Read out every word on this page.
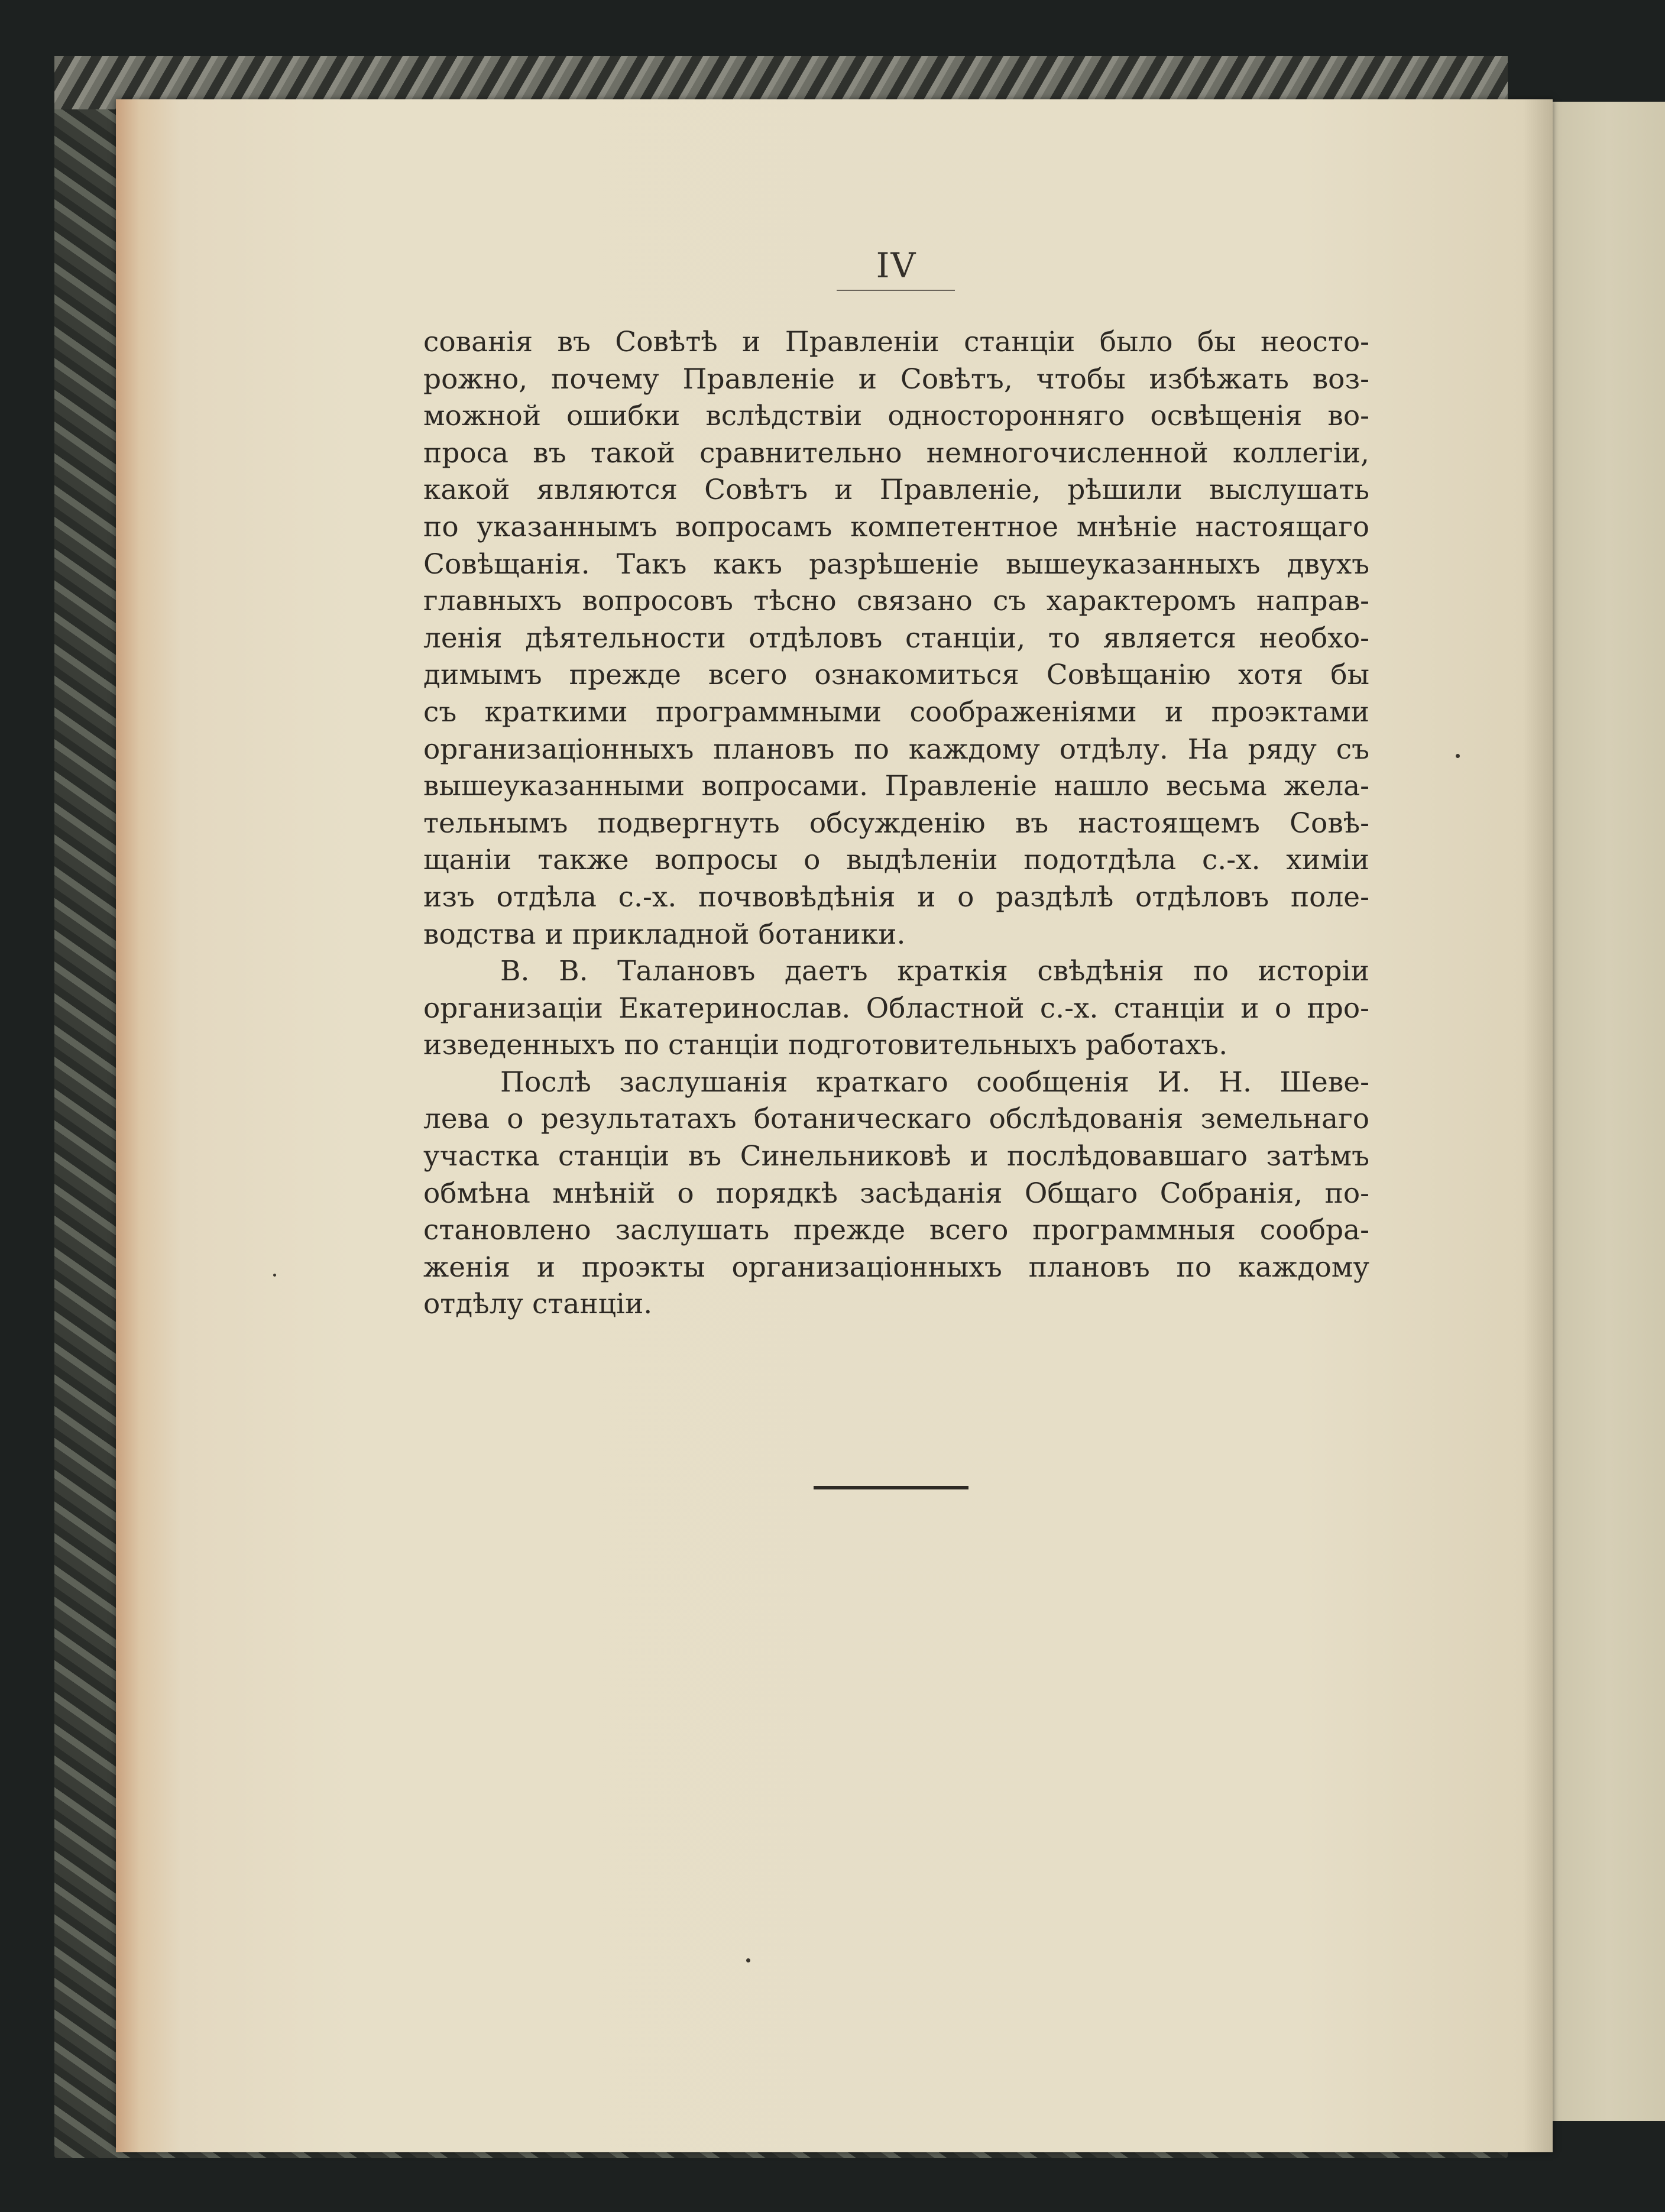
IV
сованія въ Совѣтѣ и Правленіи станціи было бы неосто-
рожно, почему Правленіе и Совѣтъ, чтобы избѣжать воз-
можной ошибки вслѣдствіи односторонняго освѣщенія во-
проса въ такой сравнительно немногочисленной коллегіи,
какой являются Совѣтъ и Правленіе, рѣшили выслушать
по указаннымъ вопросамъ компетентное мнѣніе настоящаго
Совѣщанія. Такъ какъ разрѣшеніе вышеуказанныхъ двухъ
главныхъ вопросовъ тѣсно связано съ характеромъ направ-
ленія дѣятельности отдѣловъ станціи, то является необхо-
димымъ прежде всего ознакомиться Совѣщанію хотя бы
съ краткими программными соображеніями и проэктами
организаціонныхъ плановъ по каждому отдѣлу. На ряду съ
вышеуказанными вопросами. Правленіе нашло весьма жела-
тельнымъ подвергнуть обсужденію въ настоящемъ Совѣ-
щаніи также вопросы о выдѣленіи подотдѣла с.-х. химіи
изъ отдѣла с.-х. почвовѣдѣнія и о раздѣлѣ отдѣловъ поле-
водства и прикладной ботаники.
В. В. Талановъ даетъ краткія свѣдѣнія по исторіи
организаціи Екатеринослав. Областной с.-х. станціи и о про-
изведенныхъ по станціи подготовительныхъ работахъ.
Послѣ заслушанія краткаго сообщенія И. Н. Шеве-
лева о результатахъ ботаническаго обслѣдованія земельнаго
участка станціи въ Синельниковѣ и послѣдовавшаго затѣмъ
обмѣна мнѣній о порядкѣ засѣданія Общаго Собранія, по-
становлено заслушать прежде всего программныя сообра-
женія и проэкты организаціонныхъ плановъ по каждому
отдѣлу станціи.
